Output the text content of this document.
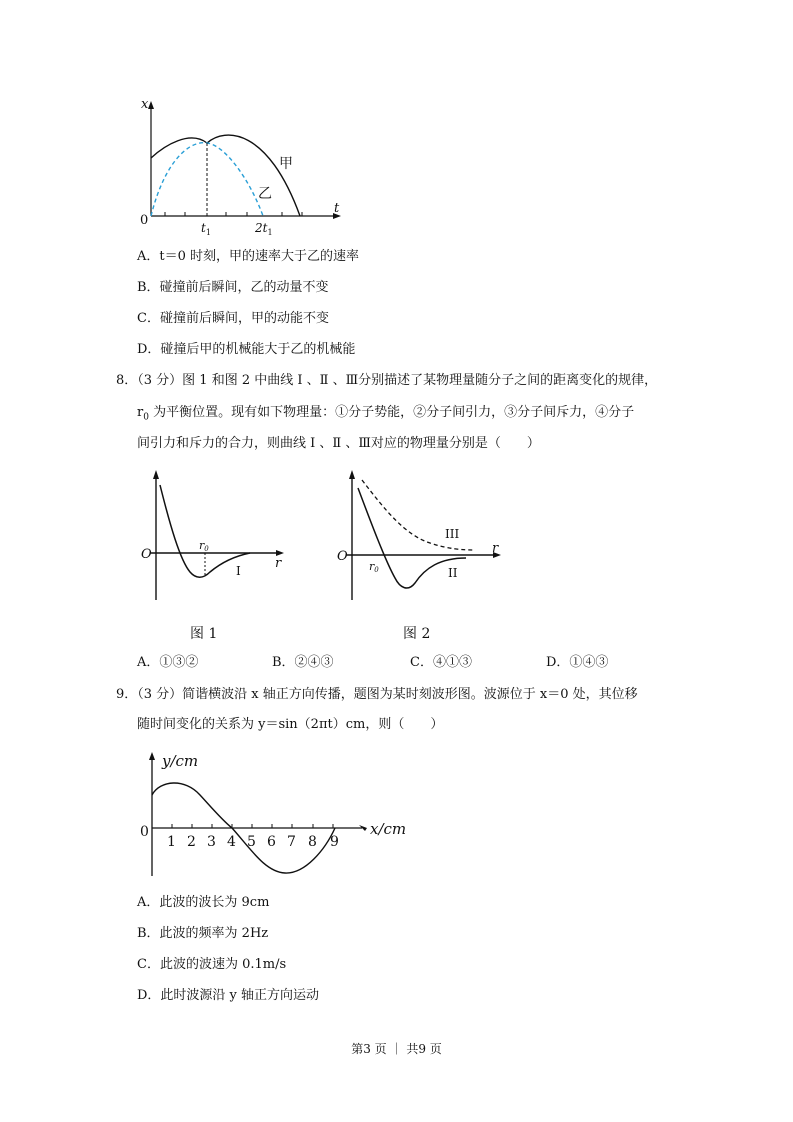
x
t
0	$t_1$	$2t_1$
甲
乙
A．t＝0 时刻，甲的速率大于乙的速率
B．碰撞前后瞬间，乙的动量不变
C．碰撞前后瞬间，甲的动能不变
D．碰撞后甲的机械能大于乙的机械能
8．（3 分）图 1 和图 2 中曲线 Ⅰ 、Ⅱ 、Ⅲ分别描述了某物理量随分子之间的距离变化的规律，
$r_0$ 为平衡位置。现有如下物理量：①分子势能，②分子间引力，③分子间斥力，④分子
间引力和斥力的合力，则曲线 Ⅰ 、Ⅱ 、Ⅲ对应的物理量分别是（　　）
O
r0
I	r	O
r0	II
III
r
图 1	图 2
A．①③②	B．②④③	C．④①③	D．①④③
9．（3 分）简谐横波沿 x 轴正方向传播，题图为某时刻波形图。波源位于 x＝0 处，其位移
随时间变化的关系为 y＝sin（2πt）cm，则（　　）
y/cm
x/cm
0
1 2 3 4 5 6 7 8 9
A．此波的波长为 9cm
B．此波的频率为 2Hz
C．此波的波速为 0.1m/s
D．此时波源沿 y 轴正方向运动
第3 页 ｜ 共9 页
